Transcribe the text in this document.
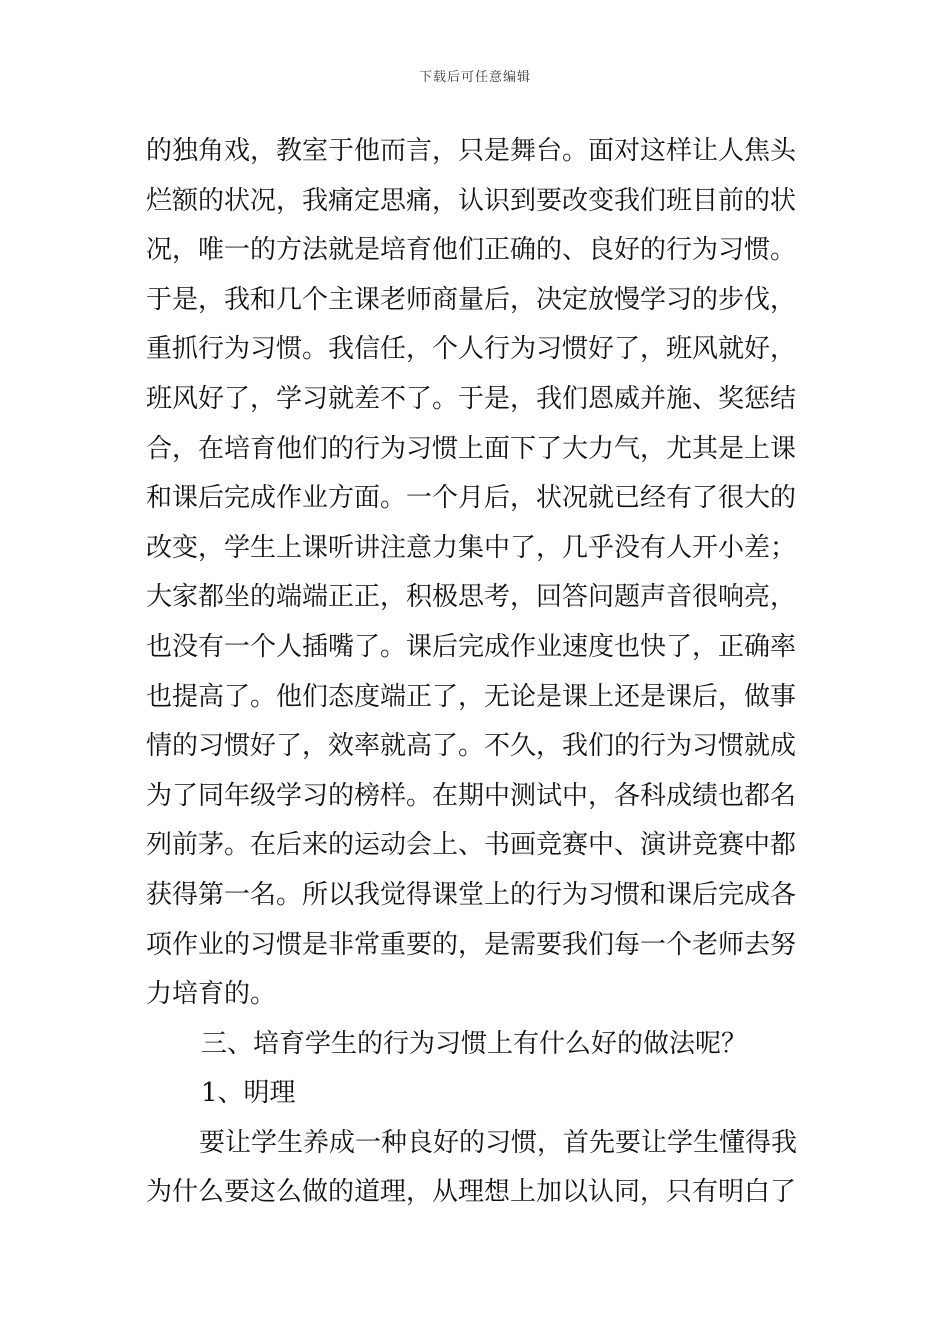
下载后可任意编辑
的独角戏，教室于他而言，只是舞台。面对这样让人焦头
烂额的状况，我痛定思痛，认识到要改变我们班目前的状
况，唯一的方法就是培育他们正确的、良好的行为习惯。
于是，我和几个主课老师商量后，决定放慢学习的步伐，
重抓行为习惯。我信任，个人行为习惯好了，班风就好，
班风好了，学习就差不了。于是，我们恩威并施、奖惩结
合，在培育他们的行为习惯上面下了大力气，尤其是上课
和课后完成作业方面。一个月后，状况就已经有了很大的
改变，学生上课听讲注意力集中了，几乎没有人开小差；
大家都坐的端端正正，积极思考，回答问题声音很响亮，
也没有一个人插嘴了。课后完成作业速度也快了，正确率
也提高了。他们态度端正了，无论是课上还是课后，做事
情的习惯好了，效率就高了。不久，我们的行为习惯就成
为了同年级学习的榜样。在期中测试中，各科成绩也都名
列前茅。在后来的运动会上、书画竞赛中、演讲竞赛中都
获得第一名。所以我觉得课堂上的行为习惯和课后完成各
项作业的习惯是非常重要的，是需要我们每一个老师去努
力培育的。
三、培育学生的行为习惯上有什么好的做法呢？
1、明理
要让学生养成一种良好的习惯，首先要让学生懂得我
为什么要这么做的道理，从理想上加以认同，只有明白了
